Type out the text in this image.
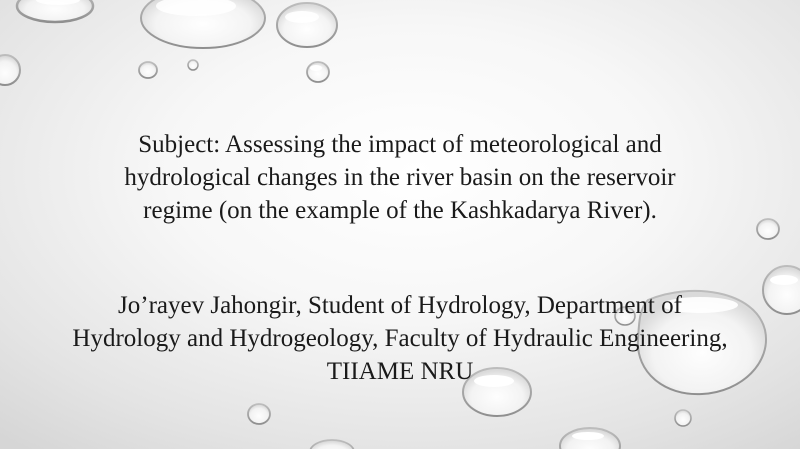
Subject: Assessing the impact of meteorological and hydrological changes in the river basin on the reservoir regime (on the example of the Kashkadarya River).

Jo’rayev Jahongir, Student of Hydrology, Department of Hydrology and Hydrogeology, Faculty of Hydraulic Engineering, TIIAME NRU
